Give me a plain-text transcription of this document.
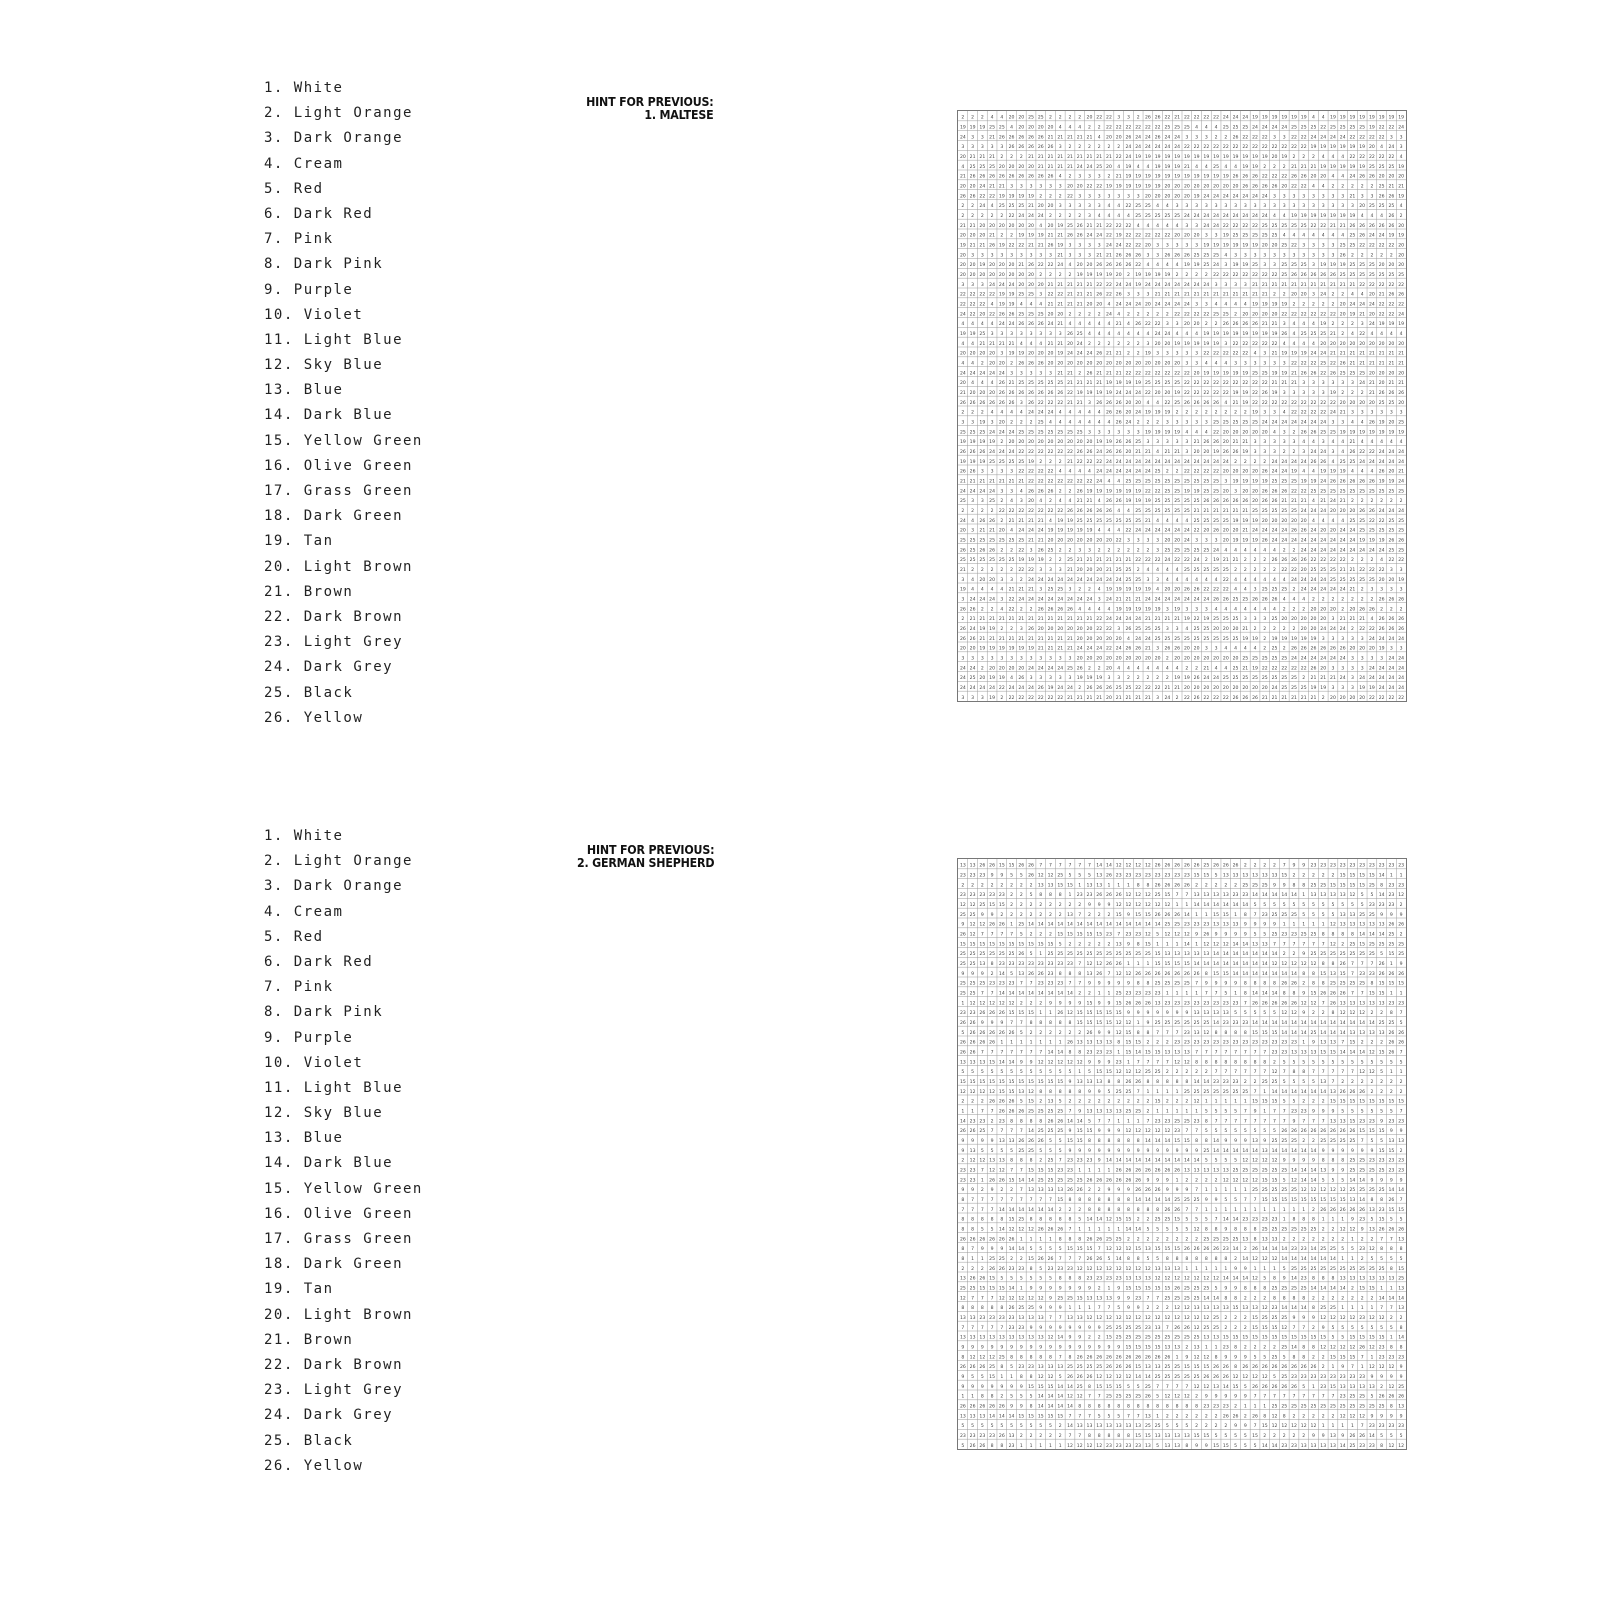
1. White
2. Light Orange
3. Dark Orange
4. Cream
5. Red
6. Dark Red
7. Pink
8. Dark Pink
9. Purple
10. Violet
11. Light Blue
12. Sky Blue
13. Blue
14. Dark Blue
15. Yellow Green
16. Olive Green
17. Grass Green
18. Dark Green
19. Tan
20. Light Brown
21. Brown
22. Dark Brown
23. Light Grey
24. Dark Grey
25. Black
26. Yellow
HINT FOR PREVIOUS:
1. MALTESE	2 2 2 4 4 20 20 25 25 2 2 2 2 20 22 22 3 3 2 26 26 22 21 22 22 22 22 24 24 24 19 19 19 19 19 19 4 4 19 19 19 19 19 19 19 19
19 19 19 25 25 4 20 20 20 20 4 4 4 2 2 22 22 22 22 22 22 25 25 25 4 4 4 25 25 25 24 24 24 24 25 25 25 22 25 25 25 25 19 22 22 24
24 3 3 21 26 26 26 26 26 21 21 21 21 21 4 20 20 26 24 24 26 24 24 3 3 3 2 2 26 22 22 22 3 3 22 22 24 24 24 24 22 22 22 22 3 3
3 3 3 3 3 26 26 26 26 26 3 2 2 2 2 2 2 24 24 24 24 24 24 22 22 22 22 22 22 22 22 22 22 22 22 22 19 19 19 19 19 19 20 4 24 3
20 21 21 21 2 2 2 21 21 21 21 21 21 21 21 21 22 24 19 19 19 19 19 19 19 19 19 19 19 19 19 19 20 19 2 2 2 4 4 4 22 22 22 22 22 4
4 25 25 25 20 20 20 20 21 21 21 21 24 24 25 20 4 19 4 4 19 19 19 21 4 4 25 4 4 19 19 2 2 2 21 21 21 19 19 19 19 19 25 25 25 19
21 26 26 26 26 26 26 26 26 26 4 2 3 3 3 2 21 19 19 19 19 19 19 19 19 19 19 19 26 26 26 22 22 22 26 26 20 20 4 4 24 26 26 20 20 20
20 20 24 21 21 3 3 3 3 3 3 20 20 22 22 19 19 19 19 19 19 20 20 20 20 20 20 20 20 26 26 26 26 20 22 22 4 4 2 2 2 2 2 25 21 21
26 26 22 22 19 19 19 19 2 2 2 22 3 3 3 3 3 3 3 20 20 20 20 20 19 24 24 24 24 24 24 24 3 3 3 3 3 3 3 3 21 3 3 26 26 19
2 2 24 4 25 25 25 21 20 20 3 3 3 3 3 4 4 22 25 25 4 4 3 3 3 3 3 3 3 3 3 3 3 3 3 3 3 3 3 3 3 20 25 25 25 4
2 2 2 2 2 22 24 24 24 2 2 2 2 3 4 4 4 4 25 25 25 25 25 24 24 24 24 24 24 24 24 24 4 4 19 19 19 19 19 19 19 4 4 4 26 2
21 21 20 20 20 20 20 20 4 20 19 25 26 21 21 22 22 22 4 4 4 4 4 3 3 24 24 22 22 22 22 25 25 25 25 25 22 22 21 21 26 26 26 26 26 20
20 20 20 21 2 2 19 19 19 21 21 26 26 24 24 22 19 22 22 22 22 22 20 20 20 3 3 19 25 25 25 25 25 4 4 4 4 4 4 4 25 26 24 24 19 19
19 21 21 26 19 22 22 21 21 26 19 3 3 3 3 24 24 22 22 20 3 3 3 3 3 19 19 19 19 19 19 20 20 25 22 3 3 3 3 25 25 22 22 22 22 20
20 3 3 3 3 3 3 3 3 3 21 3 3 3 21 21 26 26 26 3 3 26 26 26 25 25 25 4 3 3 3 3 3 3 3 3 3 3 3 26 2 2 2 2 2 20
20 20 19 20 20 20 21 26 22 22 24 4 20 20 26 26 26 26 22 4 4 4 4 19 19 25 24 3 19 19 25 3 3 25 25 25 3 19 19 19 25 25 25 20 20 20
20 20 20 20 20 20 20 20 2 2 2 2 19 19 19 19 20 2 19 19 19 19 2 2 2 2 22 22 22 22 22 22 22 25 26 26 26 26 26 25 25 25 25 25 25 25
3 3 3 24 24 24 20 20 20 21 21 21 21 21 22 22 24 24 19 24 24 24 24 24 24 24 3 3 3 3 21 21 21 21 21 21 21 21 21 21 21 22 22 22 22 22
22 22 22 22 19 19 25 25 3 22 22 21 21 21 26 22 26 3 3 3 21 21 21 21 21 21 21 21 21 21 21 21 2 2 20 20 3 24 2 2 4 4 20 21 26 26
22 22 22 4 19 19 4 4 4 21 21 21 21 20 20 4 24 24 24 20 24 24 24 24 3 3 4 4 4 4 19 19 19 19 2 2 2 2 2 20 24 24 24 22 22 22
24 22 20 22 26 26 25 25 25 20 20 2 2 2 2 24 4 2 2 2 2 2 22 22 22 22 25 25 2 20 20 20 20 22 22 22 22 22 22 20 19 21 20 22 22 24
4 4 4 4 24 24 26 26 26 24 21 4 4 4 4 4 21 4 26 22 22 3 3 20 20 2 2 26 26 26 26 21 21 3 4 4 4 19 2 2 2 3 24 19 19 19
19 19 25 3 3 3 3 3 3 3 3 26 25 4 4 4 4 4 4 4 24 24 4 4 4 19 19 19 19 19 19 19 19 26 4 25 25 25 21 2 4 22 4 4 4 4
4 4 21 21 21 21 4 4 4 21 21 20 24 2 2 2 2 2 2 3 20 20 19 19 19 19 19 3 22 22 22 22 22 4 4 4 4 20 20 20 20 20 20 20 20 20
20 20 20 20 3 19 19 20 20 20 19 24 24 24 26 21 21 2 2 19 3 3 3 3 3 22 22 22 22 22 4 3 21 19 19 19 24 24 21 21 21 21 21 21 21 21
4 4 2 20 20 2 26 26 26 20 20 20 20 20 20 20 20 20 20 20 20 20 20 3 3 4 4 4 3 3 3 3 3 3 22 22 22 25 22 26 21 21 21 21 21 21
24 24 24 24 24 3 3 3 3 3 21 21 2 26 21 21 21 22 22 22 22 22 22 22 20 19 19 19 19 19 25 25 19 19 21 26 26 22 26 25 25 25 20 20 20 20
20 4 4 4 26 21 25 25 25 25 25 21 21 21 21 19 19 19 19 25 25 25 25 22 22 22 22 22 22 22 22 22 21 21 21 3 3 3 3 3 3 24 21 20 21 21
21 20 20 20 26 26 26 26 26 26 26 22 19 19 19 19 24 24 24 22 20 20 19 22 22 22 22 22 19 19 22 26 19 3 3 3 3 3 19 2 2 2 21 26 26 26
26 26 26 26 26 26 3 26 22 22 22 21 21 3 26 26 26 20 20 4 4 22 25 26 26 26 26 4 21 19 22 22 22 22 22 22 22 22 22 20 20 20 20 25 25 20
2 2 2 4 4 4 4 24 24 24 4 4 4 4 4 26 26 20 24 19 19 19 2 2 2 2 2 2 2 2 19 3 3 4 22 22 22 22 24 21 3 3 3 3 3 3
3 3 19 3 20 2 2 2 25 4 4 4 4 4 4 4 26 24 2 2 2 3 3 3 3 3 25 25 25 25 25 24 24 24 24 24 24 24 3 3 4 4 26 19 20 25
25 25 25 24 24 24 25 25 25 25 25 25 25 3 3 3 3 3 3 19 19 19 19 4 4 4 22 20 20 20 20 20 4 3 2 26 26 25 25 19 19 19 19 19 19 19
19 19 19 19 2 20 20 20 20 20 20 20 20 20 19 19 26 26 25 3 3 3 3 3 21 26 26 20 21 21 3 3 3 3 3 4 4 3 4 4 21 4 4 4 4 4
26 26 26 24 24 24 22 22 22 22 22 22 26 26 24 26 26 20 21 21 4 21 21 3 20 20 19 26 26 19 3 3 3 2 2 3 24 24 3 4 26 22 22 24 24 24
19 19 19 25 25 25 25 19 2 2 2 21 22 22 22 24 24 24 24 24 24 24 24 24 24 24 24 24 2 2 2 2 24 24 24 24 26 26 4 25 25 24 24 24 24 24
26 26 3 3 3 3 22 22 22 22 4 4 4 4 24 24 24 24 24 24 25 2 2 22 22 22 22 20 20 20 20 26 24 24 19 4 4 19 19 19 4 4 4 26 20 21
21 21 21 21 21 21 21 22 22 22 22 22 22 22 24 4 4 25 25 25 25 25 25 25 25 25 25 3 19 19 19 19 25 25 25 19 19 24 26 26 26 26 26 19 19 24
24 24 24 24 3 3 4 26 26 26 2 2 26 19 19 19 19 19 19 22 22 25 25 19 19 25 25 20 3 20 20 26 26 26 22 22 25 25 25 25 25 25 25 25 25 25
25 3 3 25 2 4 3 20 4 2 4 4 21 21 4 26 26 19 19 19 25 25 25 25 25 26 26 26 26 26 20 26 26 21 21 21 4 21 24 21 2 2 2 2 2 2
2 2 2 2 22 22 22 22 22 22 22 26 26 26 26 26 4 4 25 25 25 25 25 25 21 21 21 21 21 21 25 25 25 25 25 24 24 24 20 20 20 26 26 24 24 24
24 4 26 26 2 21 21 21 21 4 19 19 25 25 25 25 25 25 25 21 4 4 4 4 25 25 25 25 19 19 19 20 20 20 20 20 4 4 4 4 25 25 22 22 25 25
20 3 21 21 20 4 24 24 24 19 19 19 19 19 4 4 4 22 24 24 24 24 24 24 22 20 26 20 20 21 24 24 24 24 26 26 24 20 20 24 24 25 25 25 25 25
25 25 25 25 25 25 25 21 21 20 20 20 20 20 20 20 22 3 3 3 3 20 20 24 3 3 3 20 19 19 19 26 24 24 24 24 24 24 24 24 24 19 19 19 26 26
26 25 26 26 2 2 22 3 26 25 2 2 3 3 2 2 2 2 2 2 3 25 25 25 25 25 24 4 4 4 4 4 4 2 2 24 24 24 24 24 24 24 24 24 25 25
25 25 25 25 25 25 19 19 19 2 2 25 21 21 21 21 21 21 22 22 22 24 22 22 24 2 19 21 21 2 2 2 26 26 26 26 22 22 22 22 2 2 2 4 22 22
21 2 2 2 2 2 22 22 3 3 3 21 20 20 20 21 25 25 2 4 4 4 4 25 25 25 25 25 2 2 2 2 2 22 22 20 25 25 25 21 21 22 22 22 3 3
3 4 20 20 3 3 2 24 24 24 24 24 24 24 24 24 24 25 25 3 3 4 4 4 4 4 4 22 4 4 4 4 4 4 24 24 24 24 25 25 25 25 25 20 20 19
19 4 4 4 4 21 21 21 3 25 25 3 2 2 4 19 19 19 19 19 4 20 20 26 26 22 22 22 4 4 3 25 25 25 2 24 24 24 24 24 21 2 3 3 3 3
3 24 24 24 3 22 24 24 24 24 24 24 24 24 3 24 21 21 21 24 24 24 24 24 24 24 26 26 25 25 26 26 26 4 4 4 2 2 2 2 2 2 2 26 26 26
26 26 2 2 4 22 2 2 26 26 26 26 4 4 4 4 19 19 19 19 19 3 19 3 3 3 4 4 4 4 4 4 4 2 2 2 20 20 20 2 20 26 26 2 2 2
2 21 21 21 21 21 21 21 21 21 21 21 21 21 22 24 24 24 24 21 21 21 21 19 22 19 25 25 25 3 3 3 25 20 20 20 20 20 3 21 21 21 4 26 26 26
26 24 19 19 2 2 3 26 20 20 20 20 20 20 22 22 3 26 25 25 25 3 3 4 25 25 20 20 20 21 2 2 2 2 2 20 20 24 24 24 2 22 22 26 26 26
26 26 21 21 21 21 21 21 21 21 21 21 20 20 20 20 20 4 24 24 25 25 25 25 25 25 25 25 25 19 19 2 19 19 19 19 19 3 3 3 3 3 24 24 24 24
20 20 19 19 19 19 19 19 21 21 21 21 24 24 24 22 24 26 26 21 3 26 26 20 20 3 3 4 4 4 4 2 25 2 26 26 26 26 26 26 20 20 20 19 3 3
3 3 3 3 3 3 3 3 3 3 3 3 20 20 20 20 20 20 20 20 20 2 20 20 20 20 20 20 20 25 25 25 25 25 24 24 24 24 24 24 3 3 3 3 24 24
24 24 2 20 20 20 20 24 24 24 24 25 26 2 2 20 4 4 4 4 4 4 4 2 2 21 4 4 25 21 19 22 22 22 22 22 26 20 3 3 3 3 24 24 24 24
24 25 20 19 19 4 26 3 3 3 3 3 19 19 19 3 3 2 2 2 2 2 19 19 26 24 24 25 25 25 25 25 25 25 25 2 21 21 21 24 3 24 24 24 24 24
24 24 24 24 22 24 24 24 26 19 24 24 2 26 26 26 25 25 22 22 22 21 21 20 20 20 20 20 20 20 20 20 24 25 25 25 19 19 3 3 3 19 19 24 24 24
3 3 3 19 2 22 22 22 22 22 22 21 21 21 21 20 21 21 21 21 3 24 2 22 26 22 22 22 26 26 26 21 21 21 21 21 21 2 20 20 20 20 22 22 22 22
1. White
2. Light Orange
3. Dark Orange
4. Cream
5. Red
6. Dark Red
7. Pink
8. Dark Pink
9. Purple
10. Violet
11. Light Blue
12. Sky Blue
13. Blue
14. Dark Blue
15. Yellow Green
16. Olive Green
17. Grass Green
18. Dark Green
19. Tan
20. Light Brown
21. Brown
22. Dark Brown
23. Light Grey
24. Dark Grey
25. Black
26. Yellow
HINT FOR PREVIOUS:
2. GERMAN SHEPHERD	13 13 26 26 15 15 26 26 7 7 7 7 7 7 14 14 12 12 12 12 26 26 26 26 26 25 26 26 26 2 2 2 2 7 9 9 23 23 23 23 23 23 23 23 23 23
23 23 23 9 9 5 5 26 12 12 25 5 5 5 13 26 23 23 23 23 23 23 23 23 15 15 5 13 13 13 13 13 13 15 2 2 2 2 2 15 15 15 15 14 1 1
2 2 2 2 2 2 2 2 13 13 15 15 1 13 13 1 1 1 8 8 26 26 26 26 2 2 2 2 2 25 25 25 9 9 8 8 25 25 15 15 15 15 25 8 23 23
23 23 23 23 23 2 2 5 8 8 8 1 23 23 26 26 26 12 12 12 25 15 7 7 13 13 13 13 23 23 14 14 14 14 14 1 13 13 13 13 12 5 5 14 23 12
12 12 25 15 15 2 2 2 2 2 2 2 2 9 9 9 12 12 12 12 12 12 1 1 14 14 14 14 14 14 5 5 5 5 5 5 5 5 5 5 5 5 23 23 23 2
25 25 9 9 2 2 2 2 2 2 2 13 7 2 2 2 15 9 15 15 26 26 26 14 1 1 15 15 1 8 7 23 25 25 25 5 5 5 5 13 13 25 25 9 9 9
9 12 12 26 26 1 25 14 14 14 14 14 14 14 14 14 14 14 14 14 14 25 25 23 23 23 13 13 13 9 9 9 9 1 1 1 1 1 12 13 13 13 13 13 26 26
26 12 7 7 7 7 5 2 2 2 15 15 15 15 15 23 7 23 23 12 5 12 12 12 9 26 9 9 9 9 5 5 25 23 23 25 25 8 8 8 8 14 14 14 25 2
15 15 15 15 15 15 15 15 15 15 5 2 2 2 2 2 13 9 8 15 1 1 1 14 1 12 12 12 14 14 13 13 7 7 7 7 7 7 12 2 25 15 25 25 25 25
25 25 25 25 25 25 26 5 1 25 25 25 25 25 25 25 25 25 25 25 15 13 13 13 13 13 14 14 14 14 14 14 14 2 2 9 25 25 25 25 25 25 25 5 15 25
25 25 13 8 23 23 23 23 23 23 23 23 7 12 12 26 26 1 1 1 15 15 15 15 14 14 14 14 14 14 14 14 12 12 12 12 12 8 8 26 7 7 7 26 1 9
9 9 9 2 14 5 13 26 26 23 8 8 8 13 26 7 12 12 26 26 26 26 26 26 26 8 15 15 14 14 14 14 14 14 14 8 8 15 13 15 7 23 23 26 26 26
25 25 25 23 23 23 7 7 23 23 23 7 7 9 9 9 9 9 8 8 25 25 25 25 7 9 9 9 9 8 8 8 8 26 26 2 8 8 25 25 25 25 8 15 15 15
25 25 7 7 14 14 14 14 14 14 14 14 2 2 1 1 25 23 23 23 23 1 1 1 1 7 7 5 1 8 14 14 14 8 8 9 15 26 26 26 7 7 15 15 1 1
1 12 12 12 12 12 2 2 2 9 9 9 9 15 9 9 15 26 26 26 13 23 23 23 23 23 23 23 23 7 26 26 26 26 26 12 12 7 26 13 13 13 13 13 23 23
23 23 26 26 26 15 15 15 1 1 26 12 15 15 15 15 15 9 9 9 9 9 9 9 13 13 13 13 5 5 5 5 5 12 12 9 2 2 8 12 12 12 2 2 8 7
26 26 9 9 9 7 7 8 8 8 8 8 15 15 15 15 12 12 1 9 25 25 25 25 25 25 14 23 23 23 14 14 14 14 14 14 14 14 14 14 14 14 14 25 25 5
5 26 26 26 26 26 5 2 2 2 2 2 2 26 9 9 12 15 8 8 7 7 7 23 13 12 8 8 8 8 15 15 15 14 14 14 25 14 14 14 13 13 13 13 26 26
26 26 26 26 1 1 1 1 1 1 1 26 13 13 13 13 8 15 15 2 2 2 23 23 23 23 23 23 23 23 23 23 23 23 23 1 9 13 13 7 15 2 2 2 26 26
26 26 7 7 7 7 7 7 7 14 14 8 8 23 23 23 1 15 14 15 15 13 13 13 7 7 7 7 7 7 7 7 23 23 13 13 13 15 15 14 14 14 12 15 26 7
13 13 13 15 14 14 9 9 12 12 12 12 12 9 9 9 23 1 7 7 7 7 12 12 8 8 8 8 8 8 8 8 2 5 5 5 5 5 5 5 5 5 5 5 5 5
5 5 5 5 5 5 5 5 5 5 5 5 1 5 15 15 12 12 12 25 25 2 2 2 2 2 7 7 7 7 7 7 12 7 8 8 7 7 7 7 7 12 12 5 1 1
15 15 15 15 15 15 15 15 15 15 15 9 13 13 13 8 8 26 26 8 8 8 8 8 14 14 23 23 23 2 2 25 25 5 5 5 5 13 7 2 2 2 2 2 2 2
12 12 12 12 15 15 13 12 8 8 8 8 8 9 9 5 25 25 7 1 1 1 1 25 25 25 25 25 25 25 7 1 14 14 14 14 14 14 13 26 26 26 2 2 2 2
2 2 2 26 26 26 5 15 2 13 5 2 2 2 2 2 2 2 2 2 15 2 2 2 12 1 1 1 1 1 15 15 15 5 5 2 2 2 15 15 15 15 15 15 15 15
1 1 7 7 26 26 26 25 25 25 25 7 9 13 13 13 13 25 25 2 1 1 1 1 1 5 5 5 5 7 9 1 7 7 23 23 9 9 9 5 5 5 5 5 5 7
14 23 23 2 23 8 8 8 8 26 26 14 14 5 7 7 1 1 1 7 23 23 25 25 23 8 7 7 7 7 7 7 7 7 9 7 7 7 13 13 15 23 23 9 23 23
26 26 25 7 7 7 7 14 25 25 25 9 15 15 9 9 9 12 12 12 12 12 23 7 7 5 5 5 5 5 5 5 5 26 26 26 26 26 26 26 26 15 15 15 9 9
9 9 9 9 13 13 26 26 26 5 5 15 15 8 8 8 8 8 8 14 14 14 15 15 8 8 14 9 9 9 13 9 25 25 25 2 2 25 25 25 25 7 5 5 13 13
9 13 5 5 5 5 25 25 5 5 5 9 9 9 9 9 9 9 9 9 9 9 9 9 9 25 14 14 14 14 14 13 14 14 14 14 14 9 9 9 9 9 9 15 15 2
2 12 12 13 13 8 8 8 2 25 7 23 23 23 9 14 14 14 14 14 14 14 14 14 14 5 5 5 5 12 12 12 12 9 9 9 9 8 8 8 25 25 23 23 23 23
23 23 7 12 12 7 7 15 15 15 23 23 1 1 1 1 26 26 26 26 26 26 26 13 13 13 13 13 25 25 25 25 25 25 14 14 14 13 9 9 25 25 25 25 23 23
23 23 1 26 26 15 14 14 25 25 25 25 25 26 26 26 26 26 26 9 9 9 1 2 2 2 2 12 12 12 12 15 15 5 12 14 14 5 5 5 14 14 9 9 9 9
9 9 2 9 2 2 7 13 13 13 13 26 26 2 2 9 9 9 26 26 26 9 9 9 7 1 1 1 1 1 25 25 25 25 25 12 12 12 12 12 25 25 25 25 14 14
8 7 7 7 7 7 7 7 7 7 15 8 8 8 8 8 8 8 14 14 14 14 25 25 25 9 9 5 5 7 7 15 15 15 15 15 15 15 15 15 13 14 8 8 26 7
7 7 7 7 14 14 14 14 14 14 2 2 2 8 8 8 8 8 8 8 8 26 26 7 7 1 1 1 1 1 1 1 1 1 1 1 2 26 26 26 26 26 13 23 15 15
8 8 8 8 8 15 25 8 8 8 8 8 5 14 14 12 15 15 2 2 25 25 15 5 5 5 7 14 14 23 23 23 23 1 8 8 8 1 1 1 9 23 5 15 5 5
8 8 5 5 14 12 12 12 26 26 26 7 1 1 1 1 1 14 14 5 5 5 5 5 12 8 8 9 8 8 8 25 25 25 25 25 25 2 2 12 12 9 13 26 26 26
26 26 26 26 26 26 1 1 1 1 8 8 8 26 26 25 25 2 2 2 2 2 2 2 2 25 25 25 25 13 8 13 13 2 2 2 2 2 2 2 1 2 2 7 7 13
8 7 9 9 9 14 14 5 5 5 5 15 15 15 7 12 12 12 15 13 15 15 15 26 26 26 26 23 14 2 26 14 14 14 23 23 14 25 25 5 5 23 12 8 8 8
8 1 1 25 25 2 2 15 26 26 7 7 7 26 26 5 14 8 8 5 5 8 8 8 8 8 8 8 2 14 12 12 12 14 14 14 14 14 14 1 1 2 5 5 5 5
2 2 2 26 26 23 23 8 5 23 23 23 12 12 12 12 12 12 12 12 13 13 13 1 1 1 1 1 9 9 1 1 1 5 25 25 25 25 25 25 25 25 25 25 8 15
13 26 26 15 5 5 5 5 5 5 8 8 8 23 23 23 23 13 13 13 12 12 12 12 12 12 12 14 14 14 12 5 8 9 14 23 8 8 8 13 13 13 13 13 13 25
25 25 15 15 15 14 1 9 9 9 9 9 9 9 2 1 9 15 15 15 15 15 26 25 25 25 5 9 9 8 8 8 25 25 25 25 14 14 14 14 2 15 15 1 1 13
12 7 7 7 12 12 12 12 12 9 25 25 15 13 13 13 9 9 23 7 7 25 25 25 25 14 14 8 8 2 2 2 8 8 8 8 2 2 2 2 2 2 2 14 14 14
8 8 8 8 8 26 25 25 9 9 9 1 1 1 7 7 5 9 9 2 2 2 12 12 13 13 13 13 15 13 13 12 23 14 14 14 8 25 25 1 1 1 1 7 7 13
13 13 23 23 23 23 13 13 13 7 7 13 13 12 12 12 12 12 12 12 12 12 12 12 12 12 25 2 2 2 15 25 25 25 9 9 9 12 12 12 12 23 12 12 2 2
7 7 7 7 7 23 23 9 9 9 9 9 9 9 9 25 25 25 25 23 13 7 26 26 12 25 25 2 2 2 15 15 15 12 7 7 2 9 5 5 5 5 5 5 5 8
13 13 13 13 13 13 13 13 13 12 14 9 9 2 2 15 25 25 25 25 25 25 25 25 25 13 13 15 15 15 15 15 15 15 15 15 15 15 5 5 15 15 15 15 1 14
9 9 9 9 9 9 9 9 9 9 9 9 9 9 9 9 9 15 15 15 15 13 13 2 13 1 1 23 8 2 2 2 2 25 14 8 8 12 12 12 12 26 12 23 8 8
8 12 12 12 25 8 8 8 8 8 7 8 26 26 26 26 26 26 26 26 26 26 1 9 12 12 8 9 9 9 5 5 25 5 8 8 2 2 15 15 15 7 1 23 23 23
26 26 26 25 8 5 23 23 13 13 13 25 25 25 25 26 26 26 15 13 13 25 25 15 15 15 26 26 8 26 26 26 26 26 26 26 26 2 1 9 7 1 12 12 12 9
9 5 5 15 1 1 8 8 12 12 5 26 26 26 12 12 12 12 14 14 25 25 25 25 25 26 26 26 12 12 12 12 5 25 23 23 23 23 23 23 23 23 9 9 9 9
9 9 9 9 9 9 9 15 15 15 14 14 25 8 15 15 15 5 5 25 7 7 7 7 12 12 13 14 15 5 26 26 26 26 26 5 1 23 15 13 13 13 13 2 12 25
1 1 8 8 2 5 5 5 14 14 14 12 12 7 7 25 25 25 25 26 5 12 12 12 2 9 9 9 9 9 7 7 7 7 7 7 7 7 7 23 25 25 5 26 26 26
26 26 26 26 26 9 9 8 14 14 14 14 8 8 8 8 8 8 8 8 8 8 8 8 8 23 23 23 2 1 1 1 25 25 25 25 25 25 25 25 25 25 25 25 8 13
13 13 13 14 14 14 15 15 15 15 15 7 7 7 5 5 5 7 7 13 1 2 2 2 2 2 2 26 26 2 26 8 12 8 2 2 2 2 2 12 12 12 9 9 9 9
5 5 5 5 5 5 5 5 5 5 2 14 13 13 13 13 13 13 13 25 25 5 5 5 2 2 2 2 9 9 7 15 12 12 12 12 12 1 1 1 1 7 23 23 23 23
23 23 23 23 26 13 2 2 2 2 2 7 7 8 8 8 8 8 15 15 13 13 13 13 15 15 5 5 5 5 15 2 2 2 2 2 9 9 13 9 26 26 14 5 5 5
5 26 26 8 8 23 1 1 1 1 1 12 12 12 12 23 23 23 23 13 5 13 13 8 9 9 15 15 5 5 5 14 14 23 23 13 13 13 13 14 25 23 23 8 12 12
